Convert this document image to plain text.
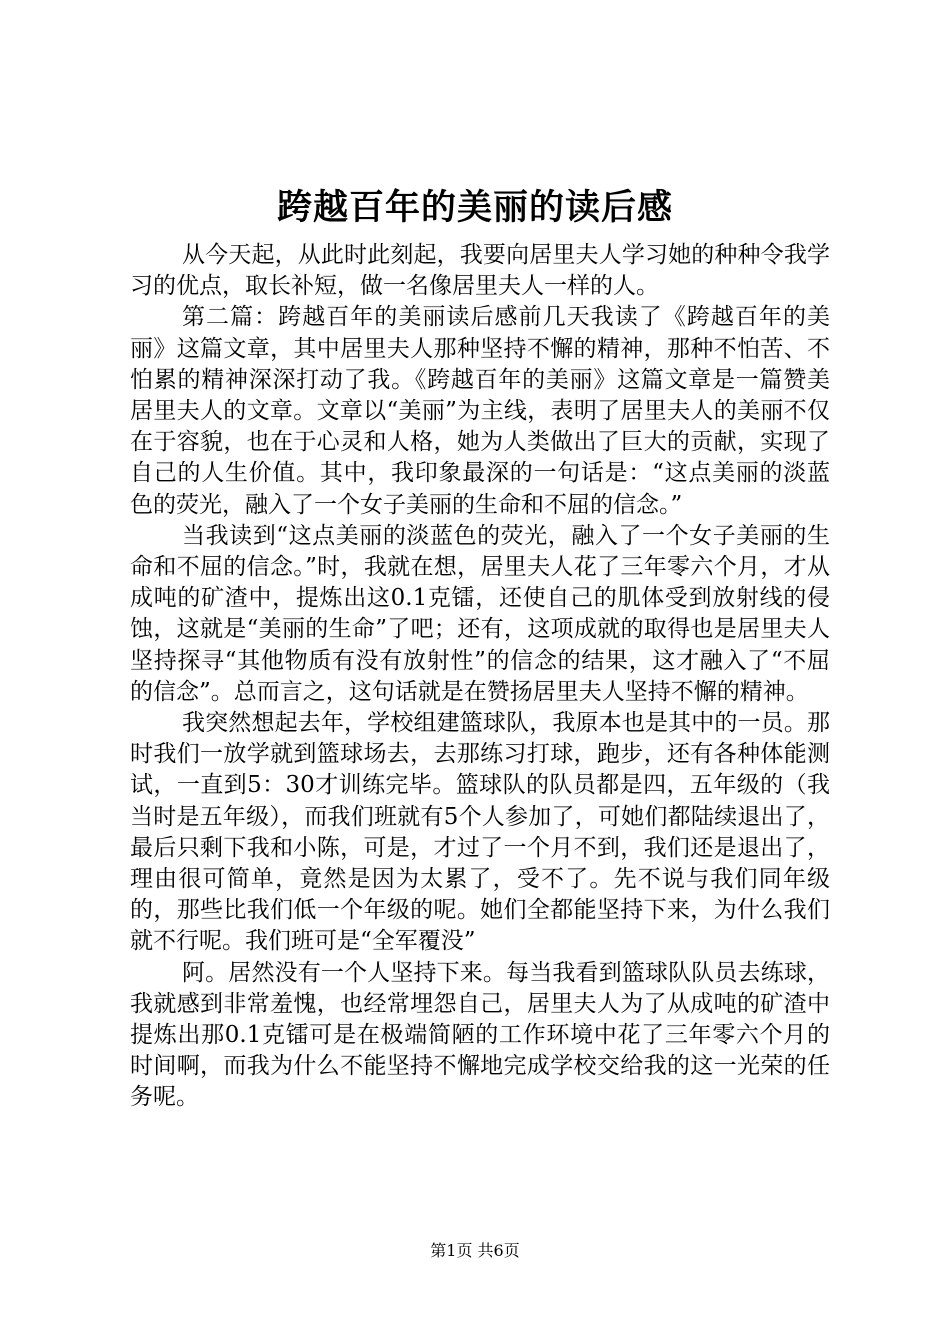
跨越百年的美丽的读后感

从今天起，从此时此刻起，我要向居里夫人学习她的种种令我学习的优点，取长补短，做一名像居里夫人一样的人。

第二篇：跨越百年的美丽读后感前几天我读了《跨越百年的美丽》这篇文章，其中居里夫人那种坚持不懈的精神，那种不怕苦、不怕累的精神深深打动了我。《跨越百年的美丽》这篇文章是一篇赞美居里夫人的文章。文章以“美丽”为主线，表明了居里夫人的美丽不仅在于容貌，也在于心灵和人格，她为人类做出了巨大的贡献，实现了自己的人生价值。其中，我印象最深的一句话是：“这点美丽的淡蓝色的荧光，融入了一个女子美丽的生命和不屈的信念。”

当我读到“这点美丽的淡蓝色的荧光，融入了一个女子美丽的生命和不屈的信念。”时，我就在想，居里夫人花了三年零六个月，才从成吨的矿渣中，提炼出这0.1克镭，还使自己的肌体受到放射线的侵蚀，这就是“美丽的生命”了吧；还有，这项成就的取得也是居里夫人坚持探寻“其他物质有没有放射性”的信念的结果，这才融入了“不屈的信念”。总而言之，这句话就是在赞扬居里夫人坚持不懈的精神。

我突然想起去年，学校组建篮球队，我原本也是其中的一员。那时我们一放学就到篮球场去，去那练习打球，跑步，还有各种体能测试，一直到5：30才训练完毕。篮球队的队员都是四，五年级的（我当时是五年级），而我们班就有5个人参加了，可她们都陆续退出了，最后只剩下我和小陈，可是，才过了一个月不到，我们还是退出了，理由很可简单，竟然是因为太累了，受不了。先不说与我们同年级的，那些比我们低一个年级的呢。她们全都能坚持下来，为什么我们就不行呢。我们班可是“全军覆没”

阿。居然没有一个人坚持下来。每当我看到篮球队队员去练球，我就感到非常羞愧，也经常埋怨自己，居里夫人为了从成吨的矿渣中提炼出那0.1克镭可是在极端简陋的工作环境中花了三年零六个月的时间啊，而我为什么不能坚持不懈地完成学校交给我的这一光荣的任务呢。

第1页 共6页
